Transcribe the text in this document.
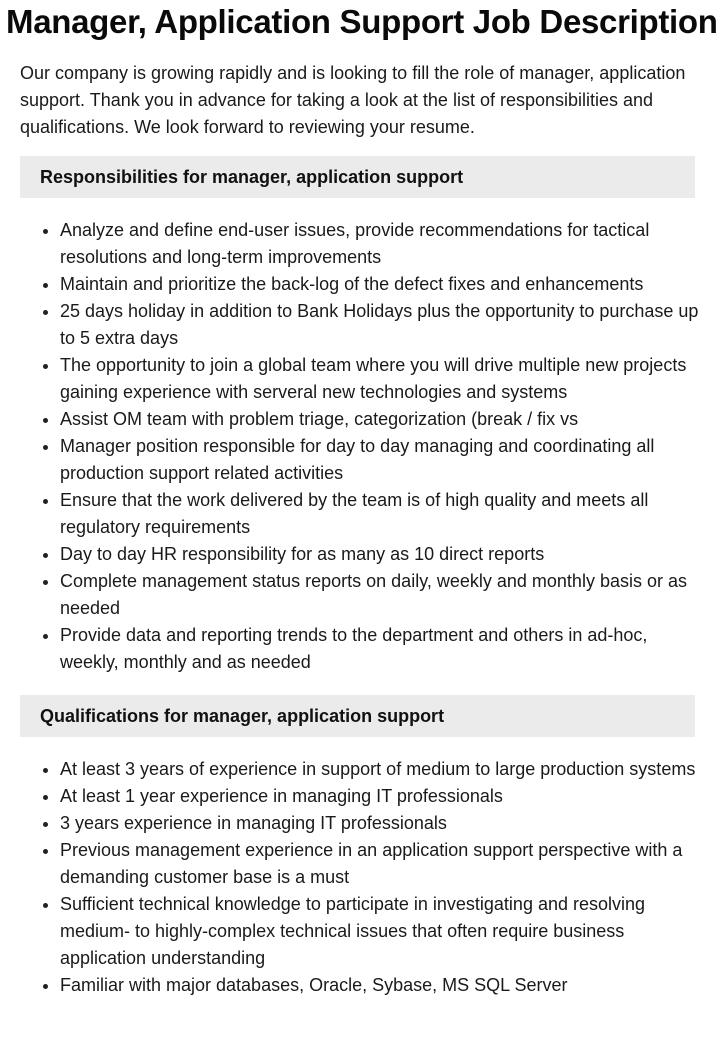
Manager, Application Support Job Description

Our company is growing rapidly and is looking to fill the role of manager, application support. Thank you in advance for taking a look at the list of responsibilities and qualifications. We look forward to reviewing your resume.

Responsibilities for manager, application support
Analyze and define end-user issues, provide recommendations for tactical resolutions and long-term improvements
Maintain and prioritize the back-log of the defect fixes and enhancements
25 days holiday in addition to Bank Holidays plus the opportunity to purchase up to 5 extra days
The opportunity to join a global team where you will drive multiple new projects gaining experience with serveral new technologies and systems
Assist OM team with problem triage, categorization (break / fix vs
Manager position responsible for day to day managing and coordinating all production support related activities
Ensure that the work delivered by the team is of high quality and meets all regulatory requirements
Day to day HR responsibility for as many as 10 direct reports
Complete management status reports on daily, weekly and monthly basis or as needed
Provide data and reporting trends to the department and others in ad-hoc, weekly, monthly and as needed
Qualifications for manager, application support
At least 3 years of experience in support of medium to large production systems
At least 1 year experience in managing IT professionals
3 years experience in managing IT professionals
Previous management experience in an application support perspective with a demanding customer base is a must
Sufficient technical knowledge to participate in investigating and resolving medium- to highly-complex technical issues that often require business application understanding
Familiar with major databases, Oracle, Sybase, MS SQL Server
